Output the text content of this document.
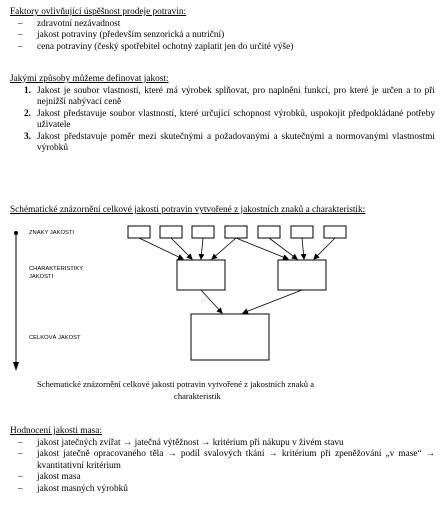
Faktory ovlivňující úspěšnost prodeje potravin:
– zdravotní nezávadnost
– jakost potraviny (především senzorická a nutriční)
– cena potraviny (český spotřebitel ochotný zaplatit jen do určité výše)
Jakými způsoby můžeme definovat jakost:
1. Jakost je soubor vlastností, které má výrobek splňovat, pro naplnění funkcí, pro které je určen a to při nejnižší nabývací ceně
2. Jakost představuje soubor vlastností, které určující schopnost výrobků, uspokojit předpokládané potřeby uživatele
3. Jakost představuje poměr mezi skutečnými a požadovanými a skutečnými a normovanými vlastnostmi výrobků
Schématické znázornění celkové jakosti potravin vytvořené z jakostních znaků a charakteristik:
ZNAKY JAKOSTI
CHARAKTERISTIKY
JAKOSTI
CELKOVÁ JAKOST
Schematické znázornění celkové jakosti potravin vytvořené z jakostních znaků a
charakteristik
Hodnocení jakosti masa:
– jakost jatečných zvířat → jatečná výtěžnost → kritérium při nákupu v živém stavu
– jakost jatečně opracovaného těla → podíl svalových tkání → kritérium při zpeněžování „v mase“ → kvantitativní kritérium
– jakost masa
– jakost masných výrobků
